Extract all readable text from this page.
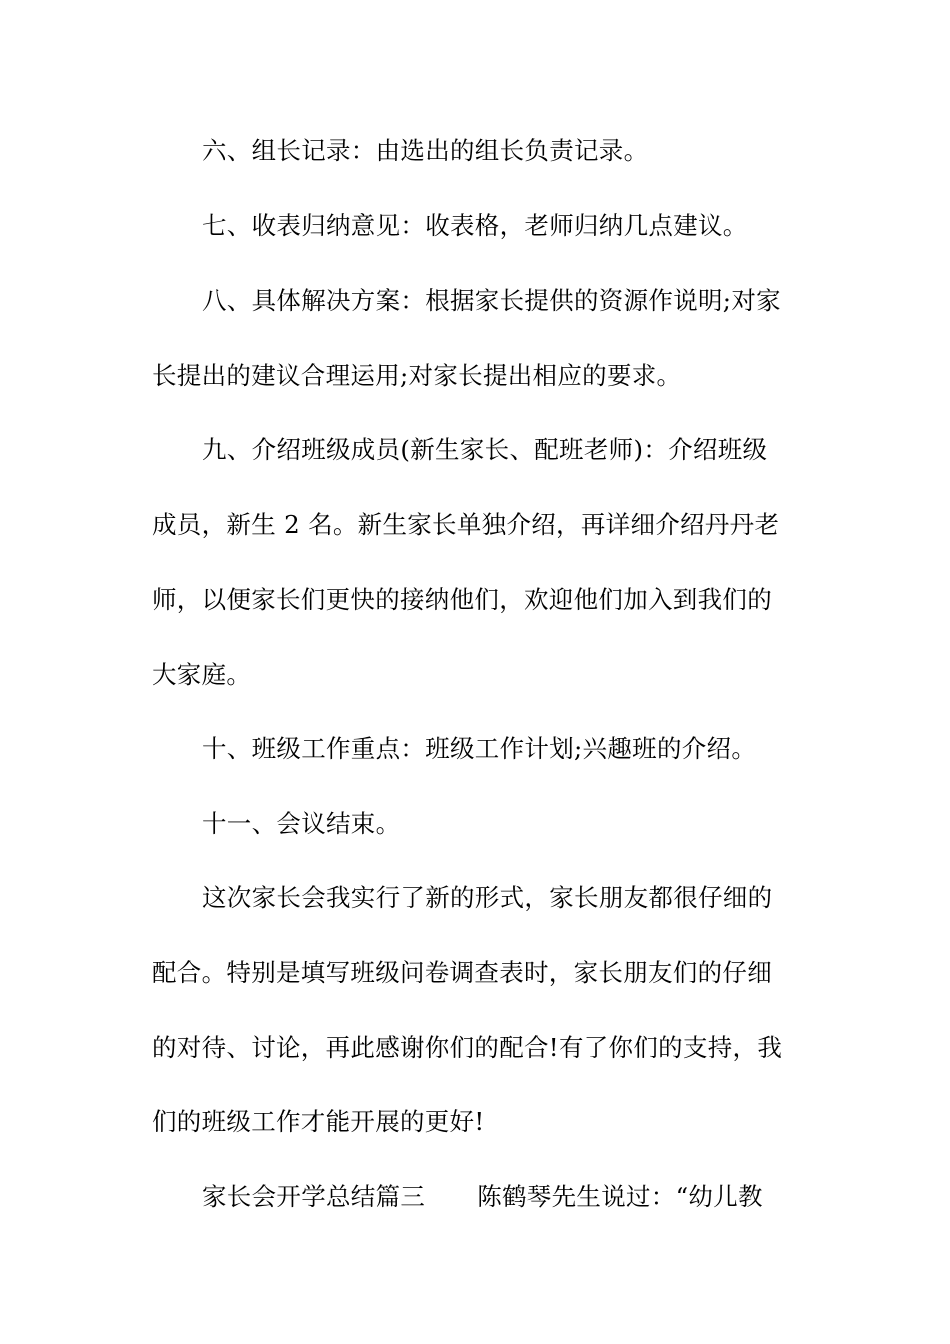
六、组长记录：由选出的组长负责记录。
七、收表归纳意见：收表格，老师归纳几点建议。
八、具体解决方案：根据家长提供的资源作说明;对家
长提出的建议合理运用;对家长提出相应的要求。
九、介绍班级成员(新生家长、配班老师)：介绍班级
成员，新生 2 名。新生家长单独介绍，再详细介绍丹丹老
师，以便家长们更快的接纳他们，欢迎他们加入到我们的
大家庭。
十、班级工作重点：班级工作计划;兴趣班的介绍。
十一、会议结束。
这次家长会我实行了新的形式，家长朋友都很仔细的
配合。特别是填写班级问卷调查表时，家长朋友们的仔细
的对待、讨论，再此感谢你们的配合!有了你们的支持，我
们的班级工作才能开展的更好!
家长会开学总结篇三 陈鹤琴先生说过：“幼儿教
